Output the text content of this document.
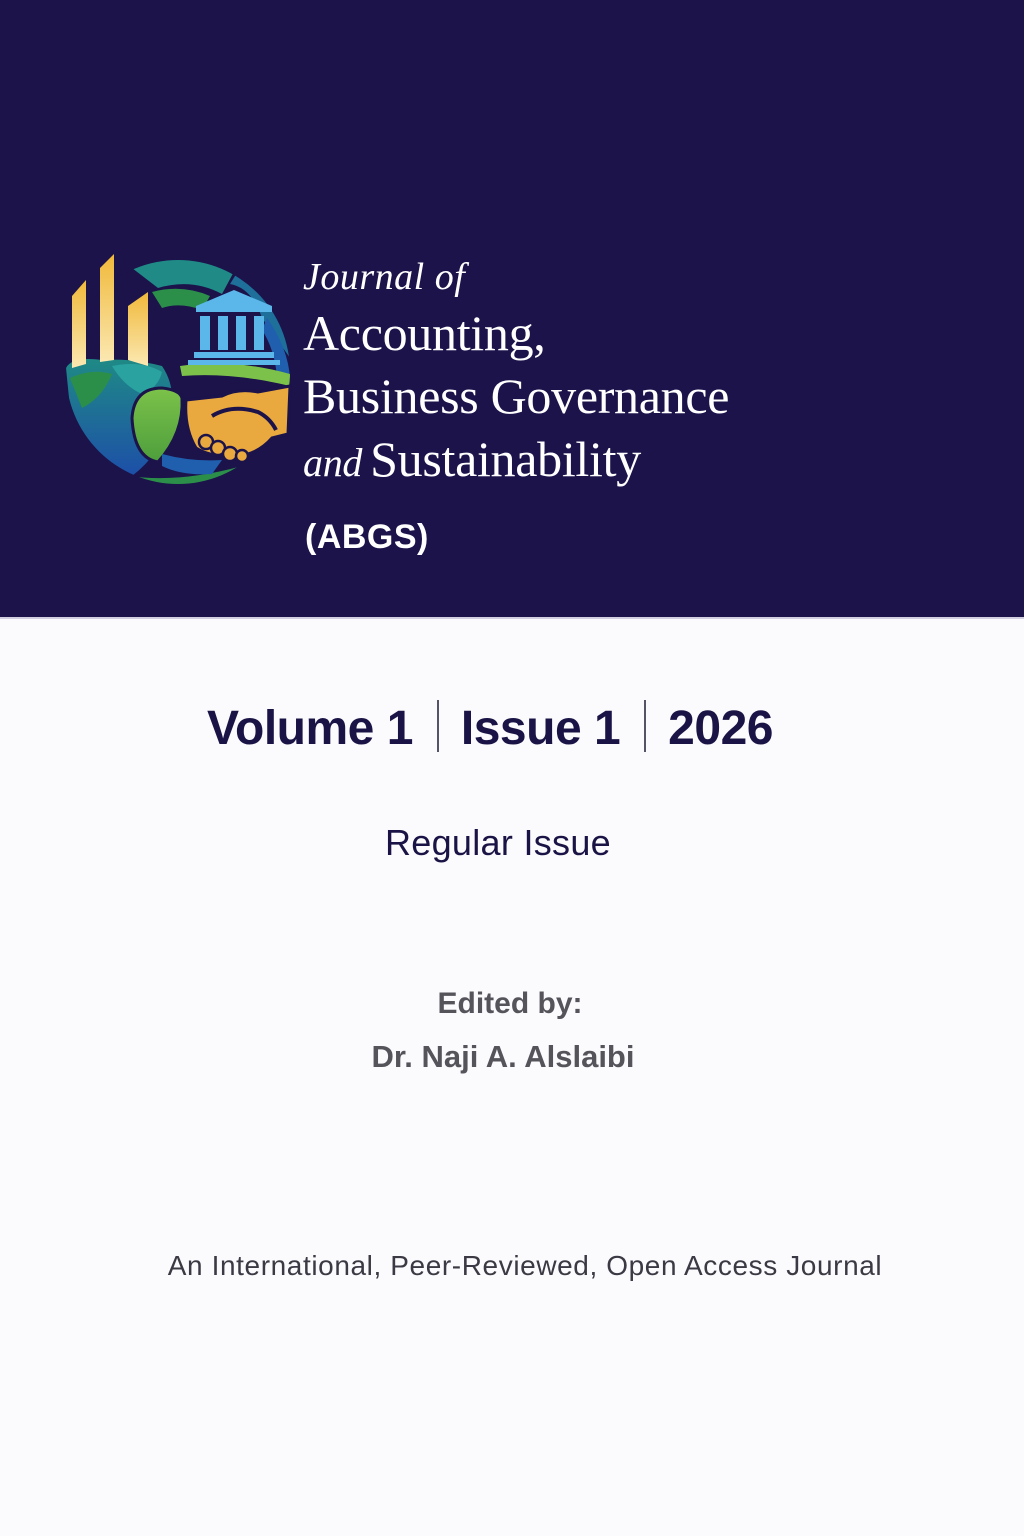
Journal of
Accounting,
Business Governance
and Sustainability
(ABGS)
Volume 1 Issue 1 2026
Regular Issue
Edited by:
Dr. Naji A. Alslaibi
An International, Peer-Reviewed, Open Access Journal
